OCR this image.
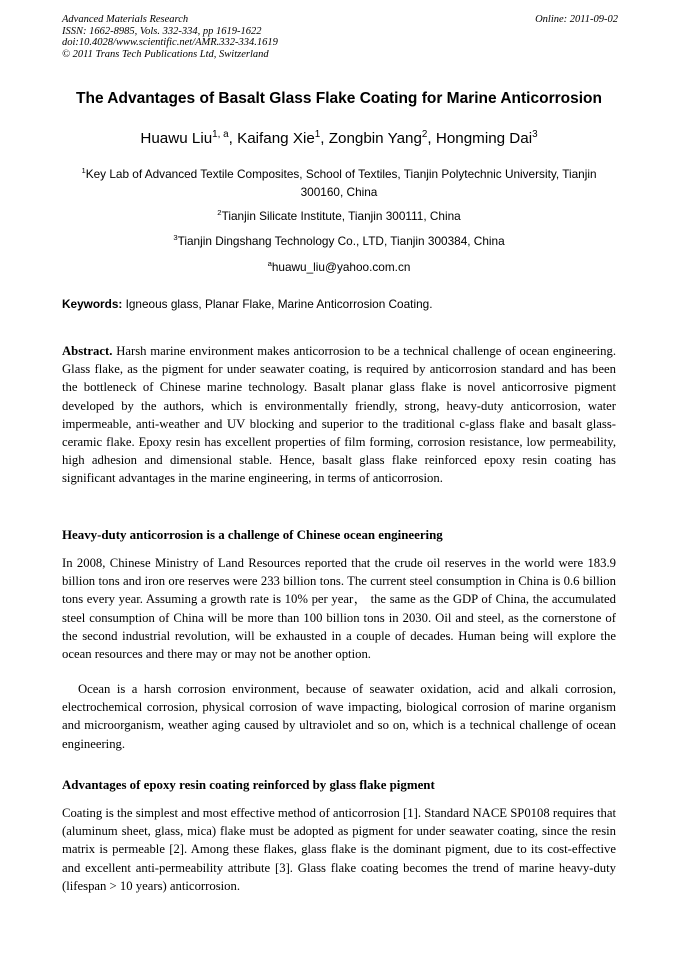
Advanced Materials Research
ISSN: 1662-8985, Vols. 332-334, pp 1619-1622
doi:10.4028/www.scientific.net/AMR.332-334.1619
© 2011 Trans Tech Publications Ltd, Switzerland
Online: 2011-09-02
The Advantages of Basalt Glass Flake Coating for Marine Anticorrosion
Huawu Liu$^{1, a}$, Kaifang Xie$^1$, Zongbin Yang$^2$, Hongming Dai$^3$
$^1$Key Lab of Advanced Textile Composites, School of Textiles, Tianjin Polytechnic University, Tianjin 300160, China
$^2$Tianjin Silicate Institute, Tianjin 300111, China
$^3$Tianjin Dingshang Technology Co., LTD, Tianjin 300384, China
$^a$huawu_liu@yahoo.com.cn
Keywords: Igneous glass, Planar Flake, Marine Anticorrosion Coating.
Abstract. Harsh marine environment makes anticorrosion to be a technical challenge of ocean engineering. Glass flake, as the pigment for under seawater coating, is required by anticorrosion standard and has been the bottleneck of Chinese marine technology. Basalt planar glass flake is novel anticorrosive pigment developed by the authors, which is environmentally friendly, strong, heavy-duty anticorrosion, water impermeable, anti-weather and UV blocking and superior to the traditional c-glass flake and basalt glass-ceramic flake. Epoxy resin has excellent properties of film forming, corrosion resistance, low permeability, high adhesion and dimensional stable. Hence, basalt glass flake reinforced epoxy resin coating has significant advantages in the marine engineering, in terms of anticorrosion.
Heavy-duty anticorrosion is a challenge of Chinese ocean engineering
In 2008, Chinese Ministry of Land Resources reported that the crude oil reserves in the world were 183.9 billion tons and iron ore reserves were 233 billion tons. The current steel consumption in China is 0.6 billion tons every year. Assuming a growth rate is 10% per year， the same as the GDP of China, the accumulated steel consumption of China will be more than 100 billion tons in 2030. Oil and steel, as the cornerstone of the second industrial revolution, will be exhausted in a couple of decades. Human being will explore the ocean resources and there may or may not be another option.
Ocean is a harsh corrosion environment, because of seawater oxidation, acid and alkali corrosion, electrochemical corrosion, physical corrosion of wave impacting, biological corrosion of marine organism and microorganism, weather aging caused by ultraviolet and so on, which is a technical challenge of ocean engineering.
Advantages of epoxy resin coating reinforced by glass flake pigment
Coating is the simplest and most effective method of anticorrosion [1]. Standard NACE SP0108 requires that (aluminum sheet, glass, mica) flake must be adopted as pigment for under seawater coating, since the resin matrix is permeable [2]. Among these flakes, glass flake is the dominant pigment, due to its cost-effective and excellent anti-permeability attribute [3]. Glass flake coating becomes the trend of marine heavy-duty (lifespan > 10 years) anticorrosion.
